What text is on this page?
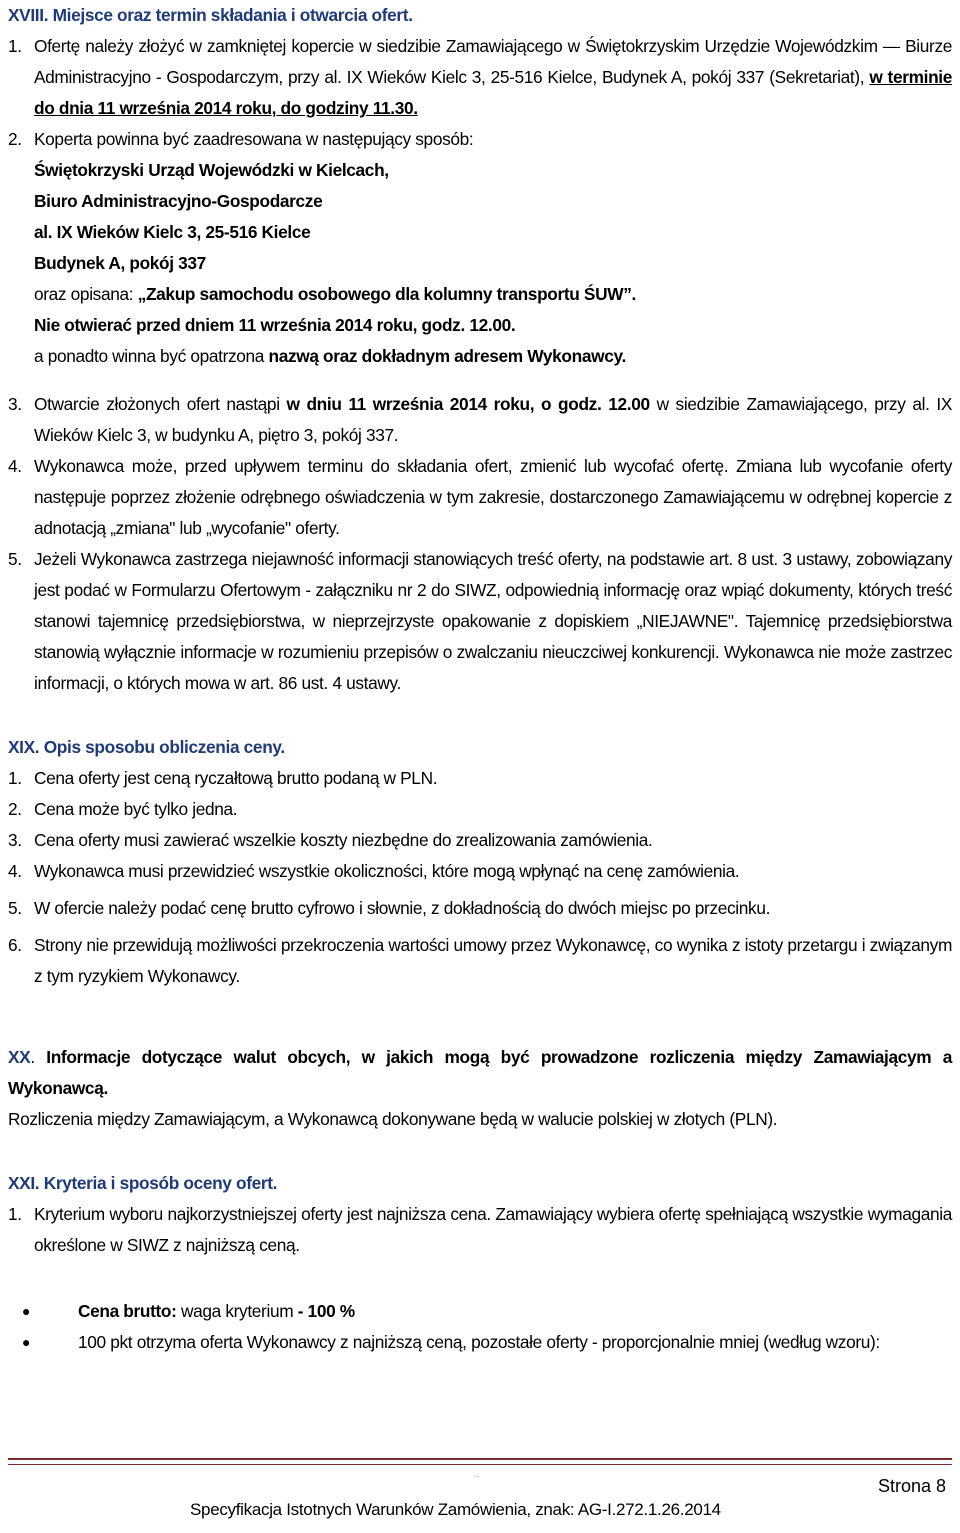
XVIII. Miejsce oraz termin składania i otwarcia ofert.

1. Ofertę należy złożyć w zamkniętej kopercie w siedzibie Zamawiającego w Świętokrzyskim Urzędzie Wojewódzkim — Biurze Administracyjno - Gospodarczym, przy al. IX Wieków Kielc 3, 25-516 Kielce, Budynek A, pokój 337 (Sekretariat), w terminie do dnia 11 września 2014 roku, do godziny 11.30.
2. Koperta powinna być zaadresowana w następujący sposób:

Świętokrzyski Urząd Wojewódzki w Kielcach,

Biuro Administracyjno-Gospodarcze

al. IX Wieków Kielc 3, 25-516 Kielce

Budynek A, pokój 337

oraz opisana: „Zakup samochodu osobowego dla kolumny transportu ŚUW”.

Nie otwierać przed dniem 11 września 2014 roku, godz. 12.00.

a ponadto winna być opatrzona nazwą oraz dokładnym adresem Wykonawcy.

3. Otwarcie złożonych ofert nastąpi w dniu 11 września 2014 roku, o godz. 12.00 w siedzibie Zamawiającego, przy al. IX Wieków Kielc 3, w budynku A, piętro 3, pokój 337.
4. Wykonawca może, przed upływem terminu do składania ofert, zmienić lub wycofać ofertę. Zmiana lub wycofanie oferty następuje poprzez złożenie odrębnego oświadczenia w tym zakresie, dostarczonego Zamawiającemu w odrębnej kopercie z adnotacją „zmiana" lub „wycofanie" oferty.
5. Jeżeli Wykonawca zastrzega niejawność informacji stanowiących treść oferty, na podstawie art. 8 ust. 3 ustawy, zobowiązany jest podać w Formularzu Ofertowym - załączniku nr 2 do SIWZ, odpowiednią informację oraz wpiąć dokumenty, których treść stanowi tajemnicę przedsiębiorstwa, w nieprzejrzyste opakowanie z dopiskiem „NIEJAWNE". Tajemnicę przedsiębiorstwa stanowią wyłącznie informacje w rozumieniu przepisów o zwalczaniu nieuczciwej konkurencji. Wykonawca nie może zastrzec informacji, o których mowa w art. 86 ust. 4 ustawy.

XIX. Opis sposobu obliczenia ceny.

1. Cena oferty jest ceną ryczałtową brutto podaną w PLN.
2. Cena może być tylko jedna.
3. Cena oferty musi zawierać wszelkie koszty niezbędne do zrealizowania zamówienia.
4. Wykonawca musi przewidzieć wszystkie okoliczności, które mogą wpłynąć na cenę zamówienia.
5. W ofercie należy podać cenę brutto cyfrowo i słownie, z dokładnością do dwóch miejsc po przecinku.
6. Strony nie przewidują możliwości przekroczenia wartości umowy przez Wykonawcę, co wynika z istoty przetargu i związanym z tym ryzykiem Wykonawcy.

XX. Informacje dotyczące walut obcych, w jakich mogą być prowadzone rozliczenia między Zamawiającym a Wykonawcą.

Rozliczenia między Zamawiającym, a Wykonawcą dokonywane będą w walucie polskiej w złotych (PLN).

XXI. Kryteria i sposób oceny ofert.

1. Kryterium wyboru najkorzystniejszej oferty jest najniższa cena. Zamawiający wybiera ofertę spełniającą wszystkie wymagania określone w SIWZ z najniższą ceną.
●	Cena brutto: waga kryterium - 100 %
●	100 pkt otrzyma oferta Wykonawcy z najniższą ceną, pozostałe oferty - proporcjonalnie mniej (według wzoru):
..
Strona 8
Specyfikacja Istotnych Warunków Zamówienia, znak: AG-I.272.1.26.2014
